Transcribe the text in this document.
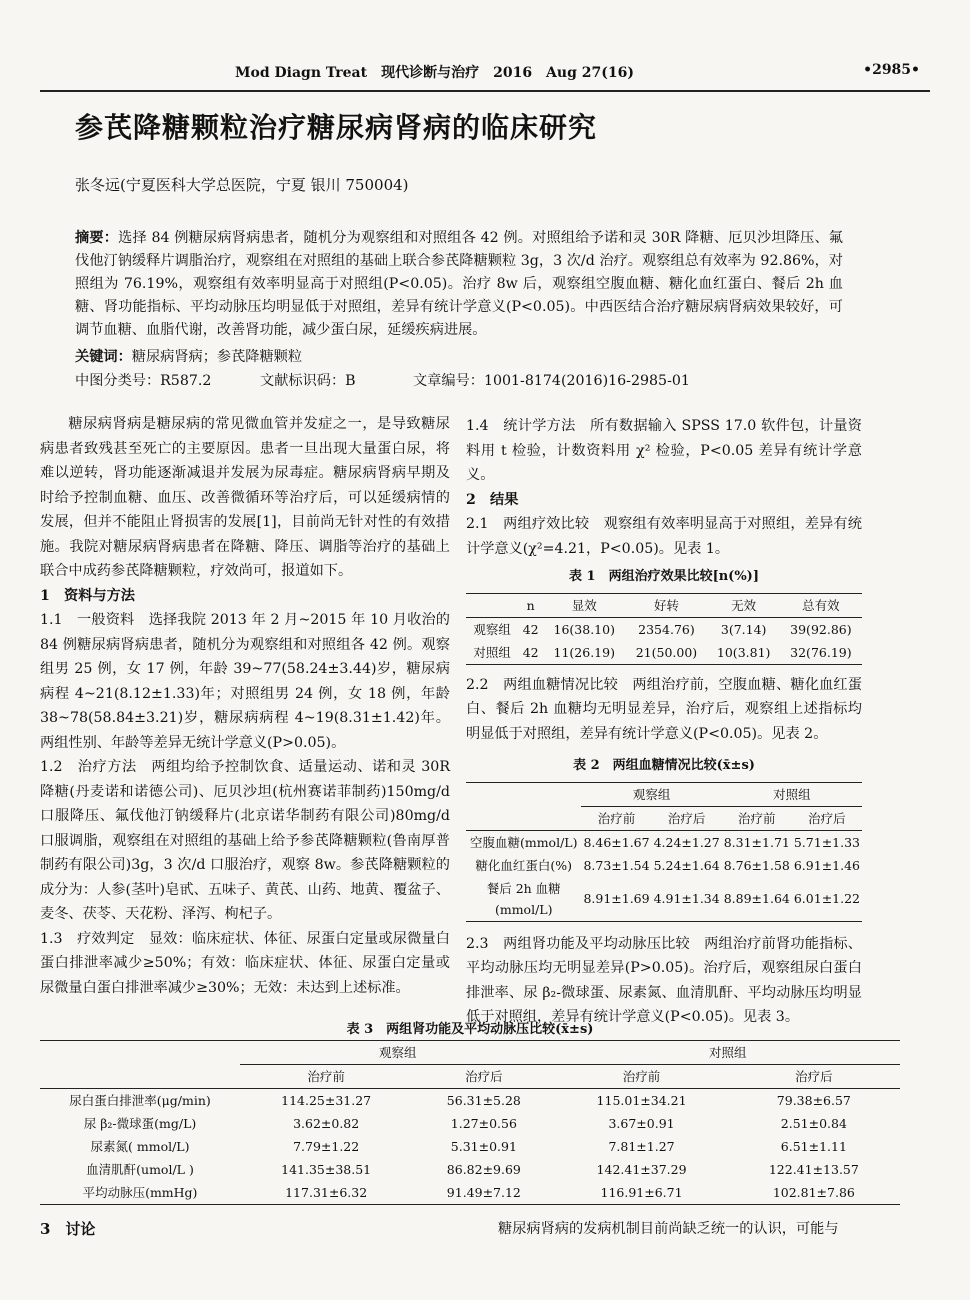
Mod Diagn Treat　现代诊断与治疗　2016　Aug 27(16)	•2985•
参芪降糖颗粒治疗糖尿病肾病的临床研究
张冬远(宁夏医科大学总医院，宁夏 银川 750004)
摘要：选择 84 例糖尿病肾病患者，随机分为观察组和对照组各 42 例。对照组给予诺和灵 30R 降糖、厄贝沙坦降压、氟伐他汀钠缓释片调脂治疗，观察组在对照组的基础上联合参芪降糖颗粒 3g，3 次/d 治疗。观察组总有效率为 92.86%，对照组为 76.19%，观察组有效率明显高于对照组(P<0.05)。治疗 8w 后，观察组空腹血糖、糖化血红蛋白、餐后 2h 血糖、肾功能指标、平均动脉压均明显低于对照组，差异有统计学意义(P<0.05)。中西医结合治疗糖尿病肾病效果较好，可调节血糖、血脂代谢，改善肾功能，减少蛋白尿，延缓疾病进展。
关键词：糖尿病肾病；参芪降糖颗粒
中图分类号：R587.2	文献标识码：B	文章编号：1001-8174(2016)16-2985-01

糖尿病肾病是糖尿病的常见微血管并发症之一，是导致糖尿病患者致残甚至死亡的主要原因。患者一旦出现大量蛋白尿，将难以逆转，肾功能逐渐减退并发展为尿毒症。糖尿病肾病早期及时给予控制血糖、血压、改善微循环等治疗后，可以延缓病情的发展，但并不能阻止肾损害的发展[1]，目前尚无针对性的有效措施。我院对糖尿病肾病患者在降糖、降压、调脂等治疗的基础上联合中成药参芪降糖颗粒，疗效尚可，报道如下。

1　资料与方法

1.1　一般资料　选择我院 2013 年 2 月~2015 年 10 月收治的84 例糖尿病肾病患者，随机分为观察组和对照组各 42 例。观察组男 25 例，女 17 例，年龄 39~77(58.24±3.44)岁，糖尿病病程 4~21(8.12±1.33)年；对照组男 24 例，女 18 例，年龄 38~78(58.84±3.21)岁，糖尿病病程 4~19(8.31±1.42)年。两组性别、年龄等差异无统计学意义(P>0.05)。

1.2　治疗方法　两组均给予控制饮食、适量运动、诺和灵 30R 降糖(丹麦诺和诺德公司)、厄贝沙坦(杭州赛诺菲制药)150mg/d 口服降压、氟伐他汀钠缓释片(北京诺华制药有限公司)80mg/d 口服调脂，观察组在对照组的基础上给予参芪降糖颗粒(鲁南厚普制药有限公司)3g，3 次/d 口服治疗，观察 8w。参芪降糖颗粒的成分为：人参(茎叶)皂甙、五味子、黄芪、山药、地黄、覆盆子、麦冬、茯苓、天花粉、泽泻、枸杞子。

1.3　疗效判定　显效：临床症状、体征、尿蛋白定量或尿微量白蛋白排泄率减少≥50%；有效：临床症状、体征、尿蛋白定量或尿微量白蛋白排泄率减少≥30%；无效：未达到上述标准。

1.4　统计学方法　所有数据输入 SPSS 17.0 软件包，计量资料用 t 检验，计数资料用 χ² 检验，P<0.05 差异有统计学意义。

2　结果

2.1　两组疗效比较　观察组有效率明显高于对照组，差异有统计学意义(χ²=4.21，P<0.05)。见表 1。

表 1　两组治疗效果比较[n(%)]
	n	显效	好转	无效	总有效
观察组	42	16(38.10)	2354.76)	3(7.14)	39(92.86)
对照组	42	11(26.19)	21(50.00)	10(3.81)	32(76.19)

2.2　两组血糖情况比较　两组治疗前，空腹血糖、糖化血红蛋白、餐后 2h 血糖均无明显差异，治疗后，观察组上述指标均明显低于对照组，差异有统计学意义(P<0.05)。见表 2。

表 2　两组血糖情况比较(x̄±s)
	观察组		对照组	
	治疗前	治疗后	治疗前	治疗后
空腹血糖(mmol/L)	8.46±1.67	4.24±1.27	8.31±1.71	5.71±1.33
糖化血红蛋白(%)	8.73±1.54	5.24±1.64	8.76±1.58	6.91±1.46
餐后 2h 血糖 (mmol/L)	8.91±1.69	4.91±1.34	8.89±1.64	6.01±1.22

2.3　两组肾功能及平均动脉压比较　两组治疗前肾功能指标、平均动脉压均无明显差异(P>0.05)。治疗后，观察组尿白蛋白排泄率、尿 β₂-微球蛋、尿素氮、血清肌酐、平均动脉压均明显低于对照组，差异有统计学意义(P<0.05)。见表 3。

表 3　两组肾功能及平均动脉压比较(x̄±s)
	观察组		对照组	
	治疗前	治疗后	治疗前	治疗后
尿白蛋白排泄率(μg/min)	114.25±31.27	56.31±5.28	115.01±34.21	79.38±6.57
尿 β₂-微球蛋(mg/L)	3.62±0.82	1.27±0.56	3.67±0.91	2.51±0.84
尿素氮( mmol/L)	7.79±1.22	5.31±0.91	7.81±1.27	6.51±1.11
血清肌酐(umol/L )	141.35±38.51	86.82±9.69	142.41±37.29	122.41±13.57
平均动脉压(mmHg)	117.31±6.32	91.49±7.12	116.91±6.71	102.81±7.86
3　讨论	糖尿病肾病的发病机制目前尚缺乏统一的认识，可能与
